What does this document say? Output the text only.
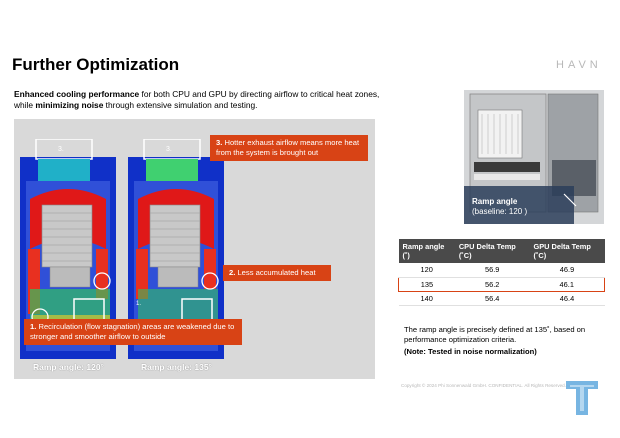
Further Optimization	HAVN
Enhanced cooling performance for both CPU and GPU by directing airflow to critical heat zones, while minimizing noise through extensive simulation and testing.
3.	3.
1.
Ramp angle: 120°	Ramp angle: 135°
3. Hotter exhaust airflow means more heat from the system is brought out
2. Less accumulated heat
1. Recirculation (flow stagnation) areas are weakened due to stronger and smoother airflow to outside
Ramp angle
(baseline: 120 )
Ramp angle (˚)	CPU Delta Temp (˚C)	GPU Delta Temp (˚C)
120	56.9	46.9
135	56.2	46.1
140	56.4	46.4
The ramp angle is precisely defined at 135˚, based on performance optimization criteria.
(Note: Tested in noise normalization)
Copyright © 2024 Phi Sonnenwald GmbH. CONFIDENTIAL. All Rights Reserved.
